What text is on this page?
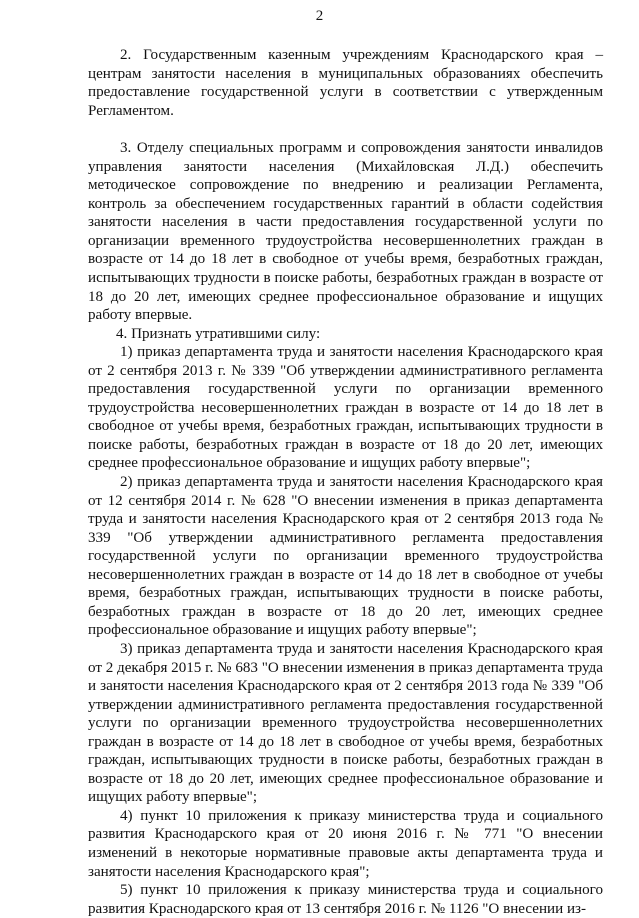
2

2. Государственным казенным учреждениям Краснодарского края – центрам занятости населения в муниципальных образованиях обеспечить предоставление государственной услуги в соответствии с утвержденным Регламентом.

3. Отделу специальных программ и сопровождения занятости инвалидов управления занятости населения (Михайловская Л.Д.) обеспечить методическое сопровождение по внедрению и реализации Регламента, контроль за обеспечением государственных гарантий в области содействия занятости населения в части предоставления государственной услуги по организации временного трудоустройства несовершеннолетних граждан в возрасте от 14 до 18 лет в свободное от учебы время, безработных граждан, испытывающих трудности в поиске работы, безработных граждан в возрасте от 18 до 20 лет, имеющих среднее профессиональное образование и ищущих работу впервые.

4. Признать утратившими силу:

1) приказ департамента труда и занятости населения Краснодарского края от 2 сентября 2013 г. № 339 "Об утверждении административного регламента предоставления государственной услуги по организации временного трудоустройства несовершеннолетних граждан в возрасте от 14 до 18 лет в свободное от учебы время, безработных граждан, испытывающих трудности в поиске работы, безработных граждан в возрасте от 18 до 20 лет, имеющих среднее профессиональное образование и ищущих работу впервые";

2) приказ департамента труда и занятости населения Краснодарского края от 12 сентября 2014 г. № 628 "О внесении изменения в приказ департамента труда и занятости населения Краснодарского края от 2 сентября 2013 года № 339 "Об утверждении административного регламента предоставления государственной услуги по организации временного трудоустройства несовершеннолетних граждан в возрасте от 14 до 18 лет в свободное от учебы время, безработных граждан, испытывающих трудности в поиске работы, безработных граждан в возрасте от 18 до 20 лет, имеющих среднее профессиональное образование и ищущих работу впервые";

3) приказ департамента труда и занятости населения Краснодарского края от 2 декабря 2015 г. № 683 "О внесении изменения в приказ департамента труда и занятости населения Краснодарского края от 2 сентября 2013 года № 339 "Об утверждении административного регламента предоставления государственной услуги по организации временного трудоустройства несовершеннолетних граждан в возрасте от 14 до 18 лет в свободное от учебы время, безработных граждан, испытывающих трудности в поиске работы, безработных граждан в возрасте от 18 до 20 лет, имеющих среднее профессиональное образование и ищущих работу впервые";

4) пункт 10 приложения к приказу министерства труда и социального развития Краснодарского края от 20 июня 2016 г. № 771 "О внесении изменений в некоторые нормативные правовые акты департамента труда и занятости населения Краснодарского края";

5) пункт 10 приложения к приказу министерства труда и социального развития Краснодарского края от 13 сентября 2016 г. № 1126 "О внесении из-
